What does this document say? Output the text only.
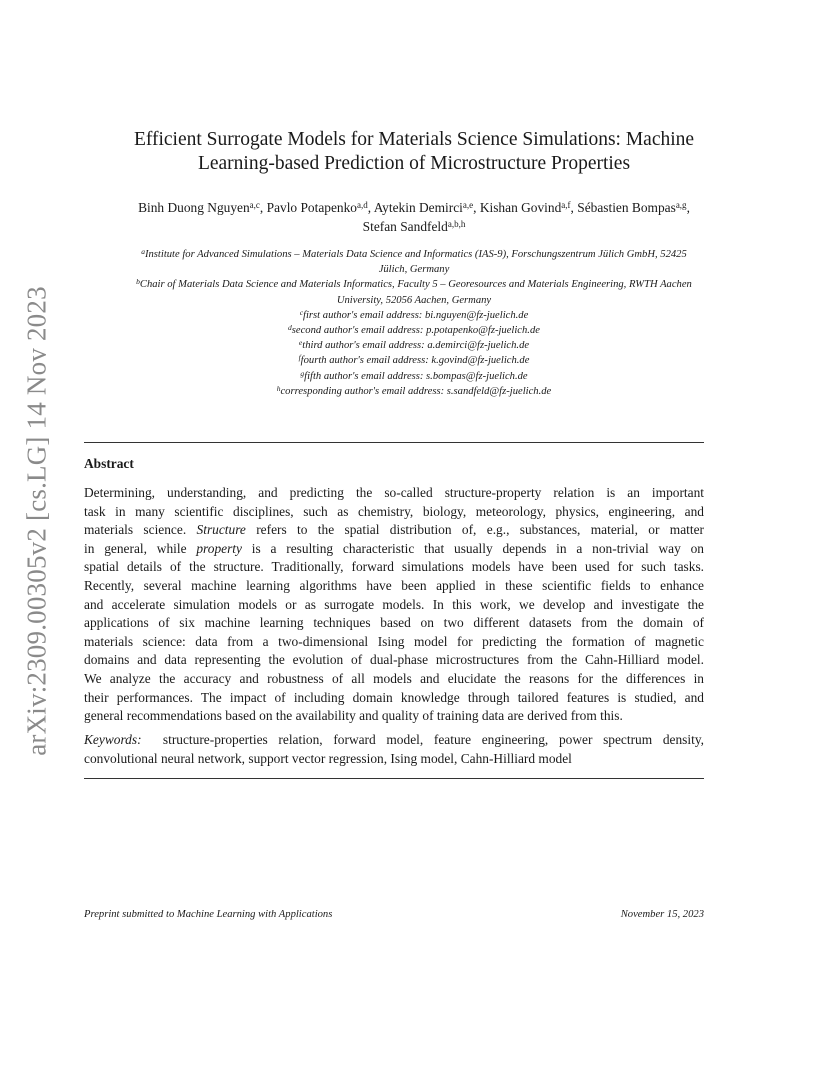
arXiv:2309.00305v2 [cs.LG] 14 Nov 2023
Efficient Surrogate Models for Materials Science Simulations: Machine
Learning-based Prediction of Microstructure Properties
Binh Duong Nguyen$^{a,c}$, Pavlo Potapenko$^{a,d}$, Aytekin Demirci$^{a,e}$, Kishan Govind$^{a,f}$, Sébastien Bompas$^{a,g}$,
Stefan Sandfeld$^{a,b,h}$
$^a$Institute for Advanced Simulations – Materials Data Science and Informatics (IAS-9), Forschungszentrum Jülich GmbH, 52425
Jülich, Germany
$^b$Chair of Materials Data Science and Materials Informatics, Faculty 5 – Georesources and Materials Engineering, RWTH Aachen
University, 52056 Aachen, Germany
$^c$first author's email address: bi.nguyen@fz-juelich.de
$^d$second author's email address: p.potapenko@fz-juelich.de
$^e$third author's email address: a.demirci@fz-juelich.de
$^f$fourth author's email address: k.govind@fz-juelich.de
$^g$fifth author's email address: s.bompas@fz-juelich.de
$^h$corresponding author's email address: s.sandfeld@fz-juelich.de
Abstract

Determining, understanding, and predicting the so-called structure-property relation is an important
task in many scientific disciplines, such as chemistry, biology, meteorology, physics, engineering, and
materials science. Structure refers to the spatial distribution of, e.g., substances, material, or matter
in general, while property is a resulting characteristic that usually depends in a non-trivial way on
spatial details of the structure. Traditionally, forward simulations models have been used for such tasks.
Recently, several machine learning algorithms have been applied in these scientific fields to enhance
and accelerate simulation models or as surrogate models. In this work, we develop and investigate the
applications of six machine learning techniques based on two different datasets from the domain of
materials science: data from a two-dimensional Ising model for predicting the formation of magnetic
domains and data representing the evolution of dual-phase microstructures from the Cahn-Hilliard model.
We analyze the accuracy and robustness of all models and elucidate the reasons for the differences in
their performances. The impact of including domain knowledge through tailored features is studied, and
general recommendations based on the availability and quality of training data are derived from this.

Keywords: structure-properties relation, forward model, feature engineering, power spectrum density,
convolutional neural network, support vector regression, Ising model, Cahn-Hilliard model

Preprint submitted to Machine Learning with Applications	November 15, 2023
